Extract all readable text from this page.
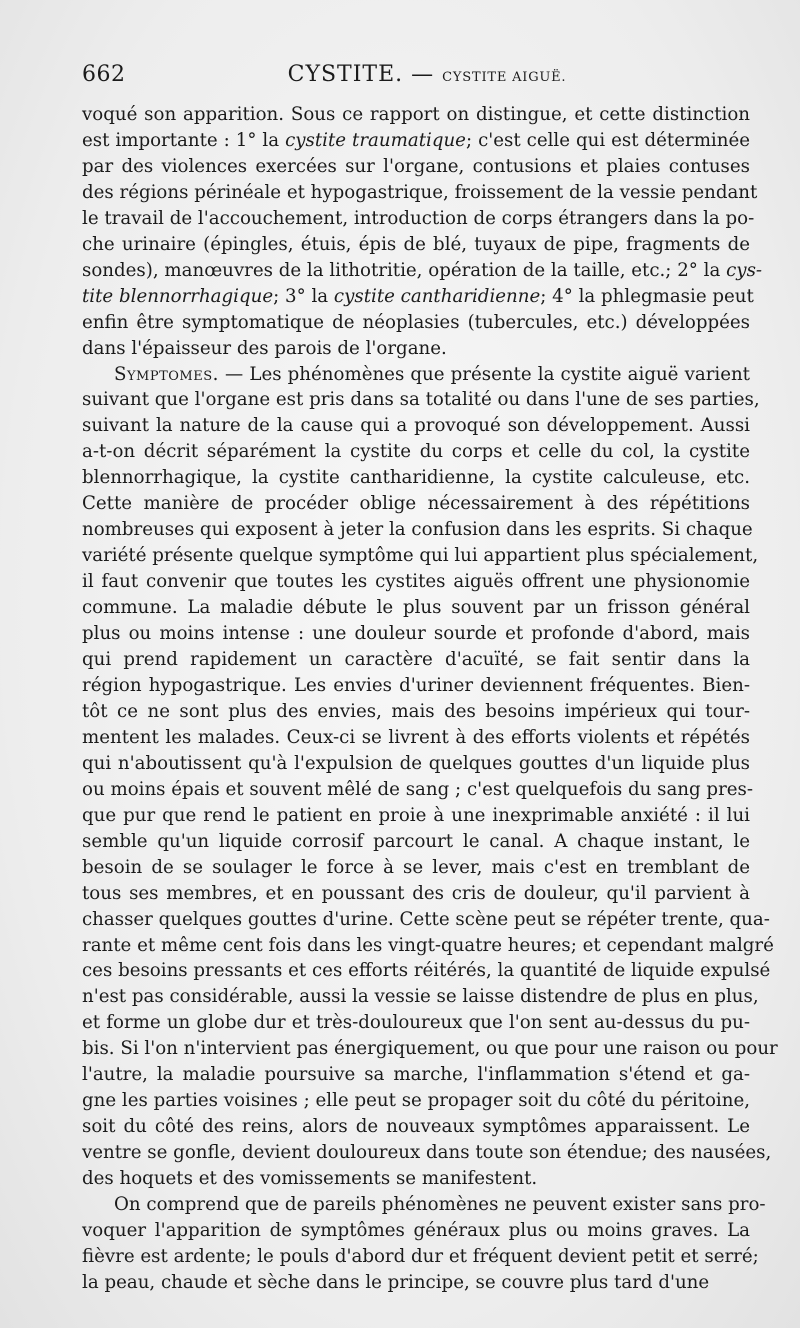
662	CYSTITE. — CYSTITE AIGUË.
voqué son apparition. Sous ce rapport on distingue, et cette distinction
est importante : 1° la cystite traumatique; c'est celle qui est déterminée
par des violences exercées sur l'organe, contusions et plaies contuses
des régions périnéale et hypogastrique, froissement de la vessie pendant
le travail de l'accouchement, introduction de corps étrangers dans la po-
che urinaire (épingles, étuis, épis de blé, tuyaux de pipe, fragments de
sondes), manœuvres de la lithotritie, opération de la taille, etc.; 2° la cys-
tite blennorrhagique; 3° la cystite cantharidienne; 4° la phlegmasie peut
enfin être symptomatique de néoplasies (tubercules, etc.) développées
dans l'épaisseur des parois de l'organe.
Symptomes. — Les phénomènes que présente la cystite aiguë varient
suivant que l'organe est pris dans sa totalité ou dans l'une de ses parties,
suivant la nature de la cause qui a provoqué son développement. Aussi
a-t-on décrit séparément la cystite du corps et celle du col, la cystite
blennorrhagique, la cystite cantharidienne, la cystite calculeuse, etc.
Cette manière de procéder oblige nécessairement à des répétitions
nombreuses qui exposent à jeter la confusion dans les esprits. Si chaque
variété présente quelque symptôme qui lui appartient plus spécialement,
il faut convenir que toutes les cystites aiguës offrent une physionomie
commune. La maladie débute le plus souvent par un frisson général
plus ou moins intense : une douleur sourde et profonde d'abord, mais
qui prend rapidement un caractère d'acuïté, se fait sentir dans la
région hypogastrique. Les envies d'uriner deviennent fréquentes. Bien-
tôt ce ne sont plus des envies, mais des besoins impérieux qui tour-
mentent les malades. Ceux-ci se livrent à des efforts violents et répétés
qui n'aboutissent qu'à l'expulsion de quelques gouttes d'un liquide plus
ou moins épais et souvent mêlé de sang ; c'est quelquefois du sang pres-
que pur que rend le patient en proie à une inexprimable anxiété : il lui
semble qu'un liquide corrosif parcourt le canal. A chaque instant, le
besoin de se soulager le force à se lever, mais c'est en tremblant de
tous ses membres, et en poussant des cris de douleur, qu'il parvient à
chasser quelques gouttes d'urine. Cette scène peut se répéter trente, qua-
rante et même cent fois dans les vingt-quatre heures; et cependant malgré
ces besoins pressants et ces efforts réitérés, la quantité de liquide expulsé
n'est pas considérable, aussi la vessie se laisse distendre de plus en plus,
et forme un globe dur et très-douloureux que l'on sent au-dessus du pu-
bis. Si l'on n'intervient pas énergiquement, ou que pour une raison ou pour
l'autre, la maladie poursuive sa marche, l'inflammation s'étend et ga-
gne les parties voisines ; elle peut se propager soit du côté du péritoine,
soit du côté des reins, alors de nouveaux symptômes apparaissent. Le
ventre se gonfle, devient douloureux dans toute son étendue; des nausées,
des hoquets et des vomissements se manifestent.
On comprend que de pareils phénomènes ne peuvent exister sans pro-
voquer l'apparition de symptômes généraux plus ou moins graves. La
fièvre est ardente; le pouls d'abord dur et fréquent devient petit et serré;
la peau, chaude et sèche dans le principe, se couvre plus tard d'une
